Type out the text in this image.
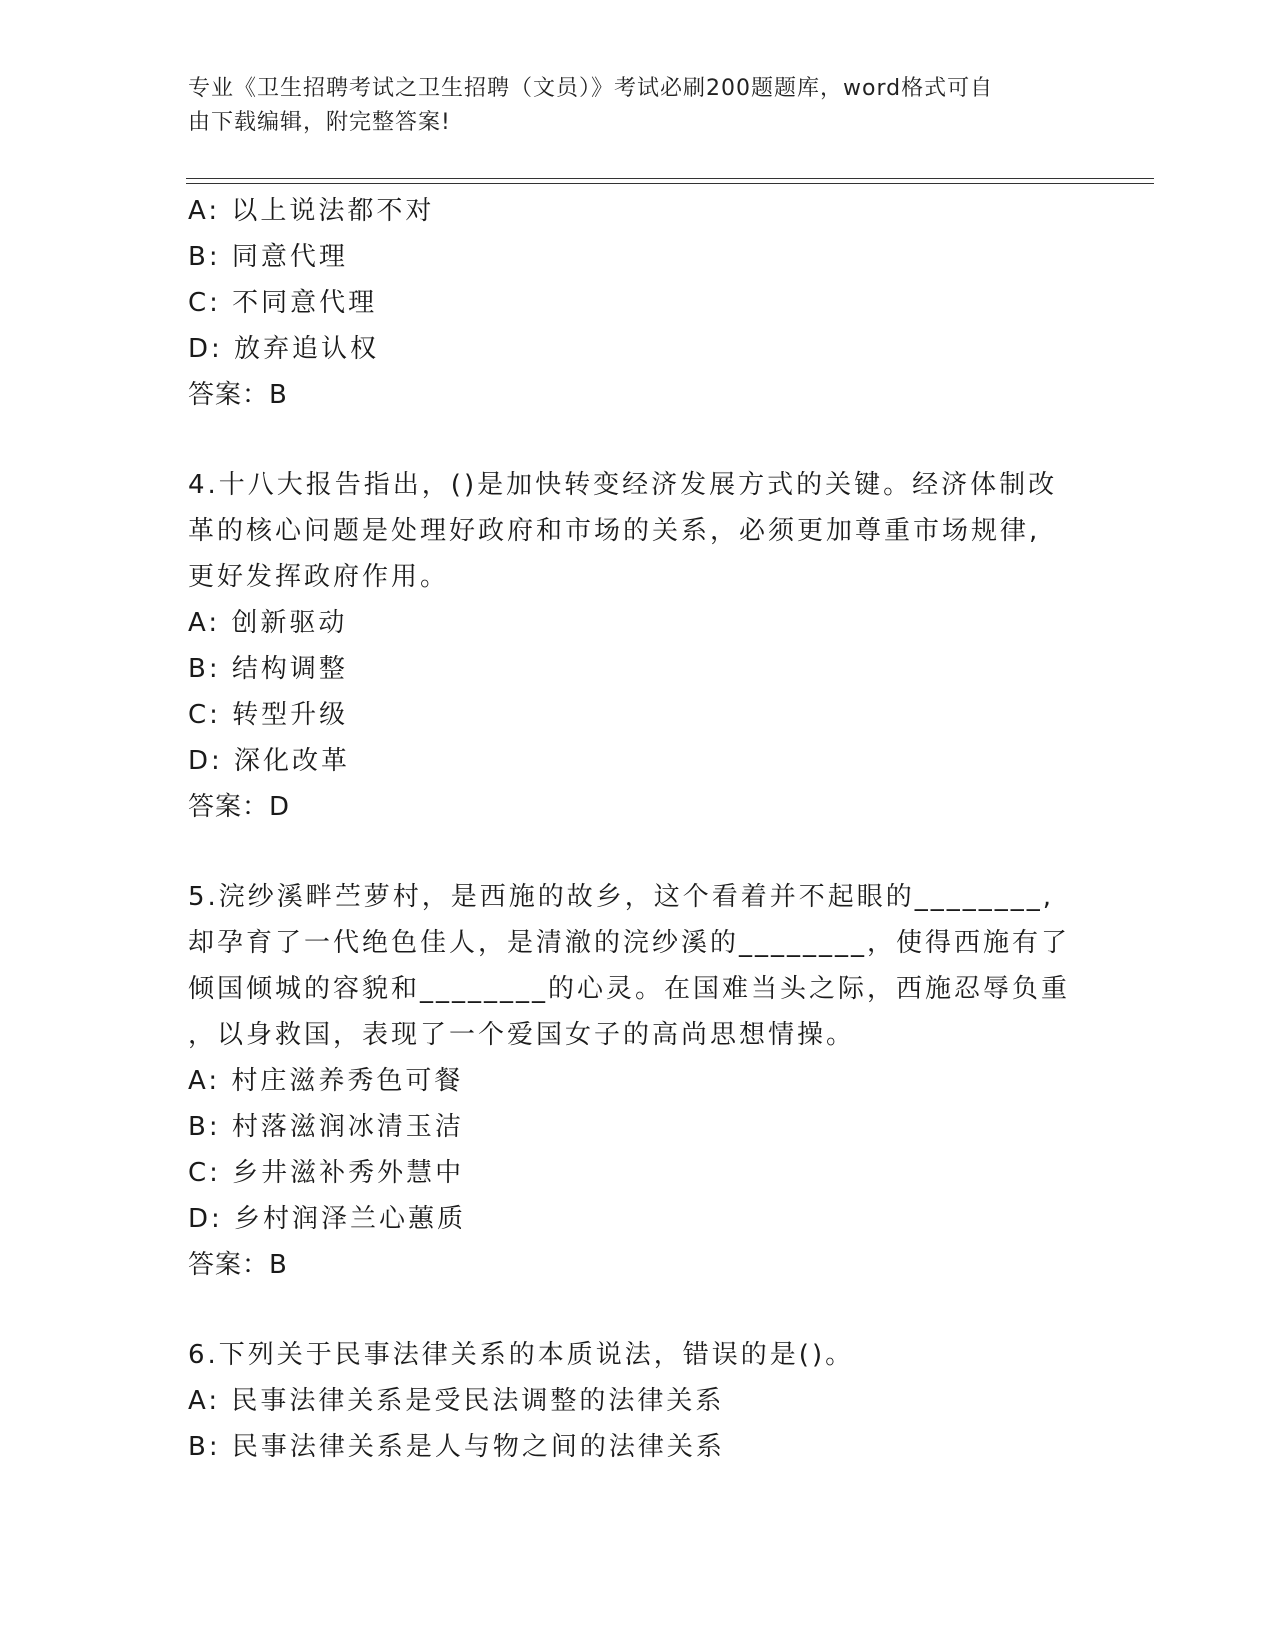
专业《卫生招聘考试之卫生招聘（文员）》考试必刷200题题库，word格式可自
由下载编辑，附完整答案!
A: 以上说法都不对
B: 同意代理
C: 不同意代理
D: 放弃追认权
答案：B
4.十八大报告指出，()是加快转变经济发展方式的关键。经济体制改
革的核心问题是处理好政府和市场的关系，必须更加尊重市场规律,
更好发挥政府作用。
A: 创新驱动
B: 结构调整
C: 转型升级
D: 深化改革
答案：D
5.浣纱溪畔苎萝村，是西施的故乡，这个看着并不起眼的________,
却孕育了一代绝色佳人，是清澈的浣纱溪的________，使得西施有了
倾国倾城的容貌和________的心灵。在国难当头之际，西施忍辱负重
，以身救国，表现了一个爱国女子的高尚思想情操。
A: 村庄滋养秀色可餐
B: 村落滋润冰清玉洁
C: 乡井滋补秀外慧中
D: 乡村润泽兰心蕙质
答案：B
6.下列关于民事法律关系的本质说法，错误的是()。
A: 民事法律关系是受民法调整的法律关系
B: 民事法律关系是人与物之间的法律关系
